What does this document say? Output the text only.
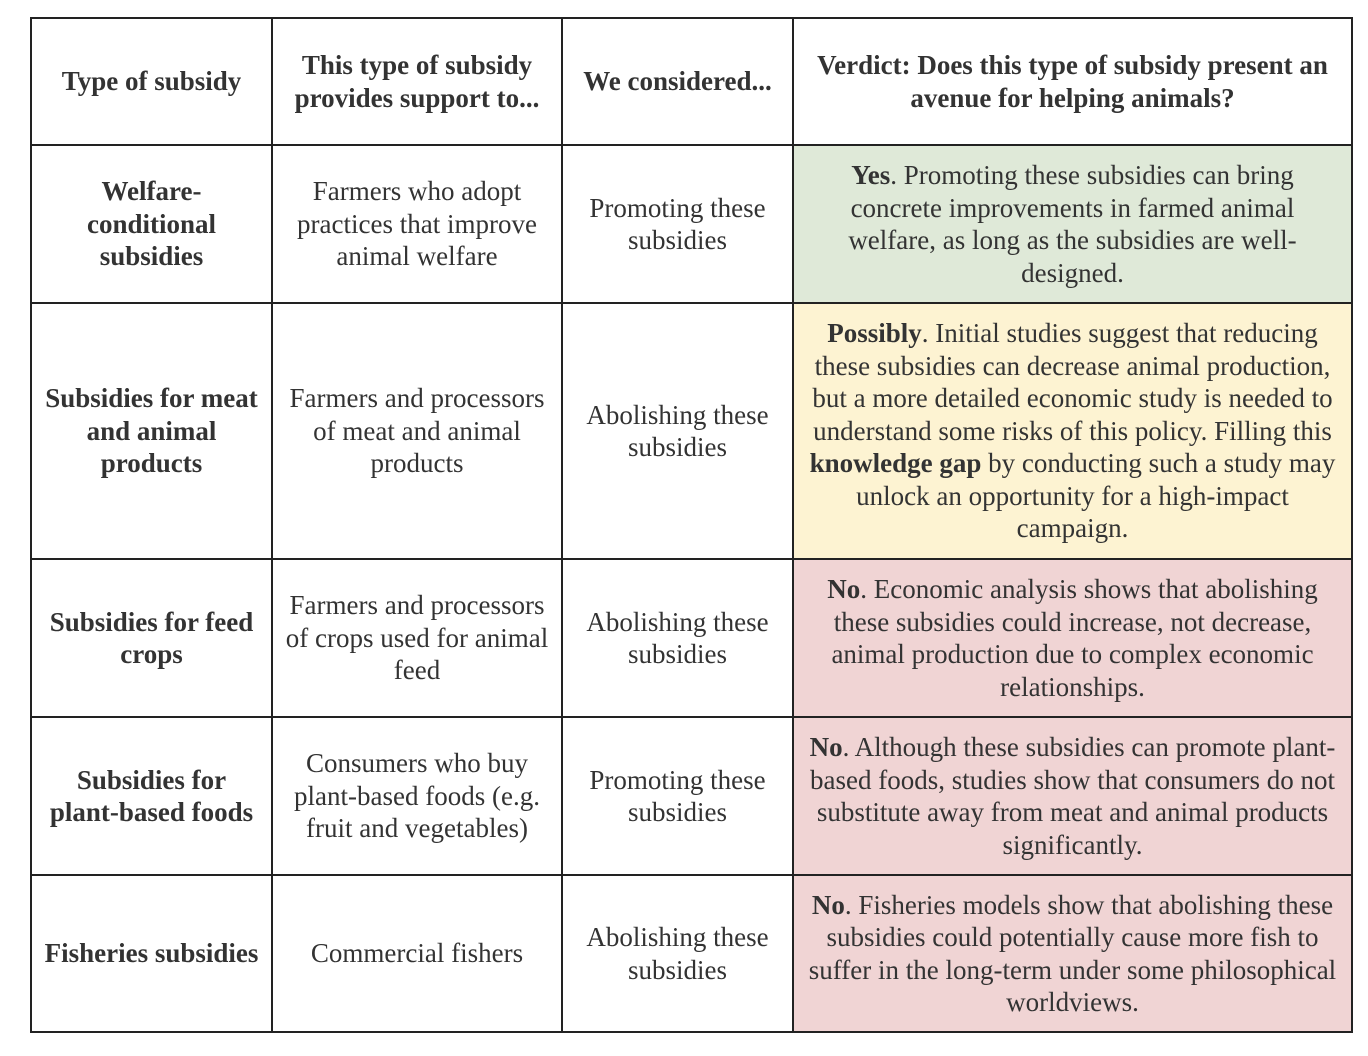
Type of subsidy	This type of subsidy provides support to...	We considered...	Verdict: Does this type of subsidy present an avenue for helping animals?
Welfare-conditional subsidies	Farmers who adopt practices that improve animal welfare	Promoting these subsidies	Yes. Promoting these subsidies can bring concrete improvements in farmed animal welfare, as long as the subsidies are well-designed.
Subsidies for meat and animal products	Farmers and processors of meat and animal products	Abolishing these subsidies	Possibly. Initial studies suggest that reducing these subsidies can decrease animal production, but a more detailed economic study is needed to understand some risks of this policy. Filling this knowledge gap by conducting such a study may unlock an opportunity for a high-impact campaign.
Subsidies for feed crops	Farmers and processors of crops used for animal feed	Abolishing these subsidies	No. Economic analysis shows that abolishing these subsidies could increase, not decrease, animal production due to complex economic relationships.
Subsidies for plant-based foods	Consumers who buy plant-based foods (e.g. fruit and vegetables)	Promoting these subsidies	No. Although these subsidies can promote plant-based foods, studies show that consumers do not substitute away from meat and animal products significantly.
Fisheries subsidies	Commercial fishers	Abolishing these subsidies	No. Fisheries models show that abolishing these subsidies could potentially cause more fish to suffer in the long-term under some philosophical worldviews.
